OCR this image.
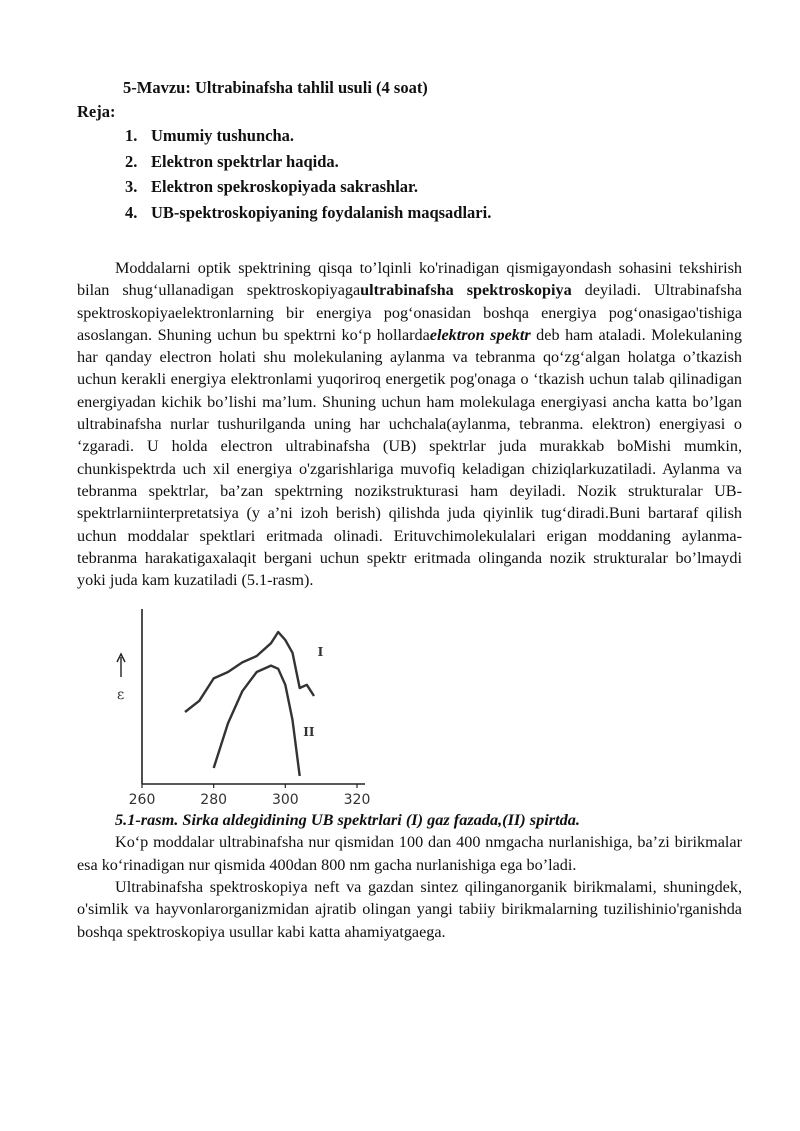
5-Mavzu: Ultrabinafsha tahlil usuli (4 soat)

Reja:

1. Umumiy tushuncha.
2. Elektron spektrlar haqida.
3. Elektron spekroskopiyada sakrashlar.
4. UB-spektroskopiyaning foydalanish maqsadlari.

Moddalarni optik spektrining qisqa to’lqinli ko'rinadigan qismigayondash sohasini tekshirish bilan shug‘ullanadigan spektroskopiyagaultrabinafsha spektroskopiya deyiladi. Ultrabinafsha spektroskopiyaelektronlarning bir energiya pog‘onasidan boshqa energiya pog‘onasigao'tishiga asoslangan. Shuning uchun bu spektrni ko‘p hollardaelektron spektr deb ham ataladi. Molekulaning har qanday electron holati shu molekulaning aylanma va tebranma qo‘zg‘algan holatga o’tkazish uchun kerakli energiya elektronlami yuqoriroq energetik pog'onaga o ‘tkazish uchun talab qilinadigan energiyadan kichik bo’lishi ma’lum. Shuning uchun ham molekulaga energiyasi ancha katta bo’lgan ultrabinafsha nurlar tushurilganda uning har uchchala(aylanma, tebranma. elektron) energiyasi o ‘zgaradi. U holda electron ultrabinafsha (UB) spektrlar juda murakkab boMishi mumkin, chunkispektrda uch xil energiya o'zgarishlariga muvofiq keladigan chiziqlarkuzatiladi. Aylanma va tebranma spektrlar, ba’zan spektrning nozikstrukturasi ham deyiladi. Nozik strukturalar UB-spektrlarniinterpretatsiya (y a’ni izoh berish) qilishda juda qiyinlik tug‘diradi.Buni bartaraf qilish uchun moddalar spektlari eritmada olinadi. Erituvchimolekulalari erigan moddaning aylanma-tebranma harakatigaxalaqit bergani uchun spektr eritmada olinganda nozik strukturalar bo’lmaydi yoki juda kam kuzatiladi (5.1-rasm).

ε
260	280	300	320
I
II

5.1-rasm. Sirka aldegidining UB spektrlari (I) gaz fazada,(II) spirtda.

Ko‘p moddalar ultrabinafsha nur qismidan 100 dan 400 nmgacha nurlanishiga, ba’zi birikmalar esa ko‘rinadigan nur qismida 400dan 800 nm gacha nurlanishiga ega bo’ladi.

Ultrabinafsha spektroskopiya neft va gazdan sintez qilinganorganik birikmalami, shuningdek, o'simlik va hayvonlarorganizmidan ajratib olingan yangi tabiiy birikmalarning tuzilishinio'rganishda boshqa spektroskopiya usullar kabi katta ahamiyatgaega.
